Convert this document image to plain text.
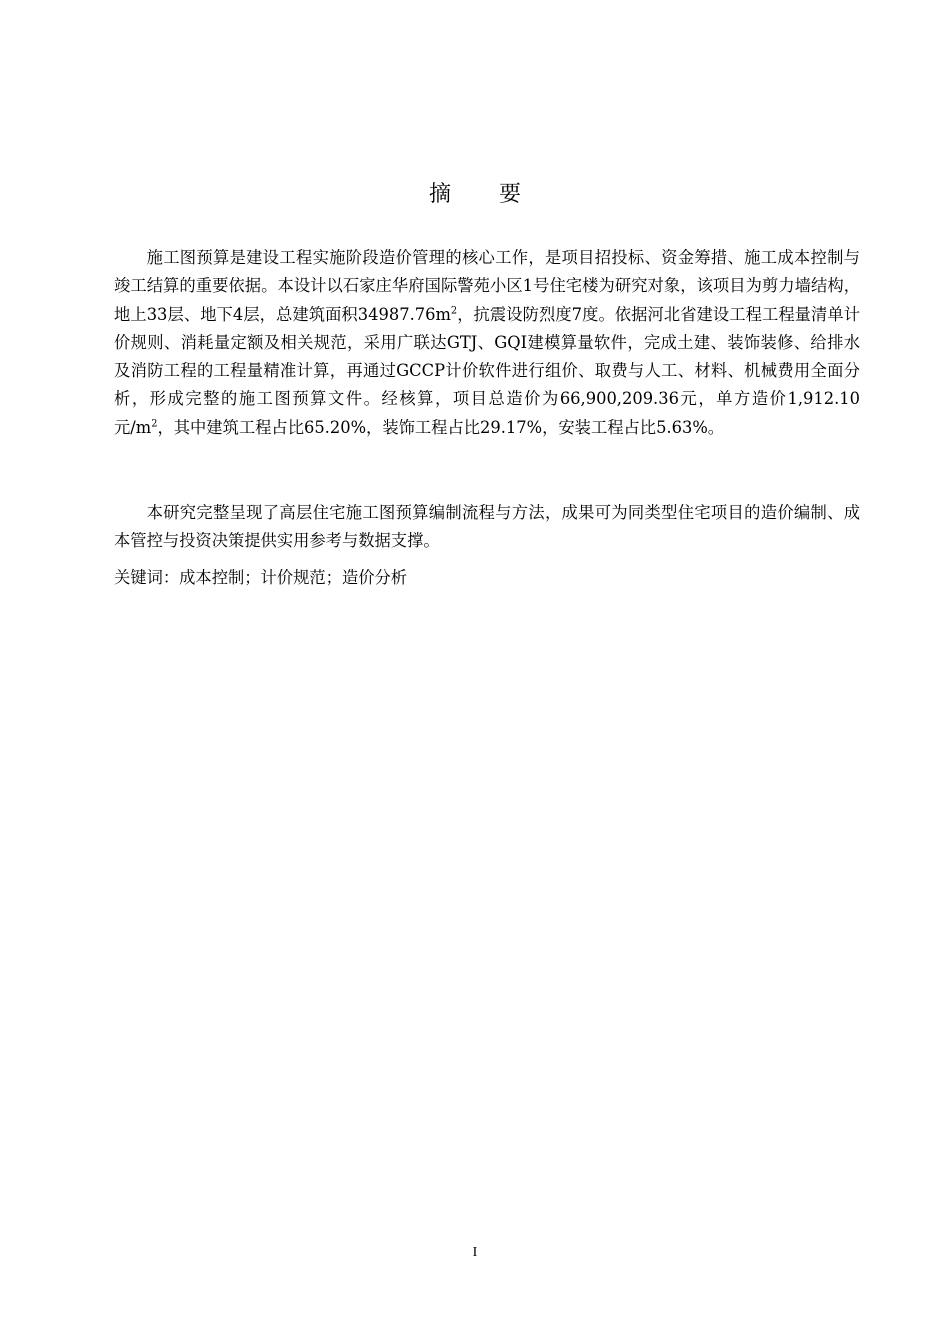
摘 要

施工图预算是建设工程实施阶段造价管理的核心工作，是项目招投标、资金筹措、施工成本控制与竣工结算的重要依据。本设计以石家庄华府国际警苑小区1号住宅楼为研究对象，该项目为剪力墙结构，地上33层、地下4层，总建筑面积$34987.76m^2$，抗震设防烈度7度。依据河北省建设工程工程量清单计价规则、消耗量定额及相关规范，采用广联达GTJ、GQI建模算量软件，完成土建、装饰装修、给排水及消防工程的工程量精准计算，再通过GCCP计价软件进行组价、取费与人工、材料、机械费用全面分析，形成完整的施工图预算文件。经核算，项目总造价为66,900,209.36元，单方造价1,912.10元$/m^2$，其中建筑工程占比65.20%，装饰工程占比29.17%，安装工程占比5.63%。

本研究完整呈现了高层住宅施工图预算编制流程与方法，成果可为同类型住宅项目的造价编制、成本管控与投资决策提供实用参考与数据支撑。

关键词：成本控制；计价规范；造价分析
I
